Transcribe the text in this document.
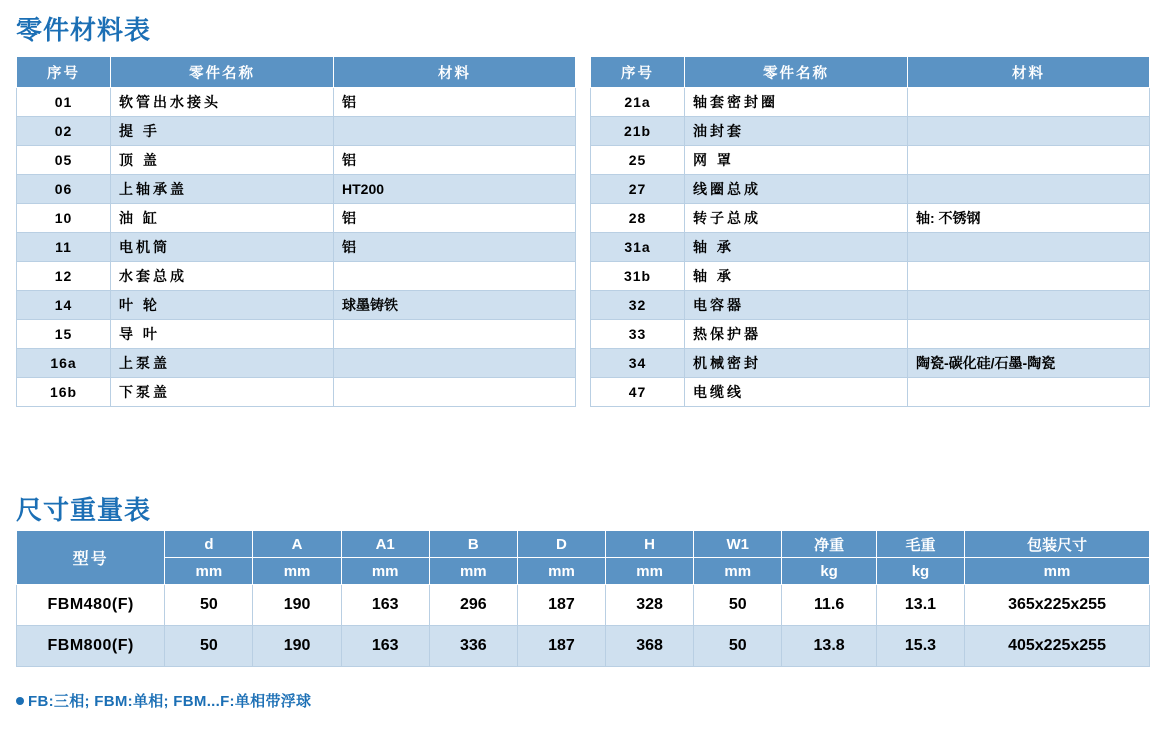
零件材料表
序号	零件名称	材料
01	软管出水接头	铝
02	提 手	
05	顶 盖	铝
06	上轴承盖	HT200
10	油 缸	铝
11	电机筒	铝
12	水套总成	
14	叶 轮	球墨铸铁
15	导 叶	
16a	上泵盖	
16b	下泵盖	
序号	零件名称	材料
21a	轴套密封圈	
21b	油封套	
25	网 罩	
27	线圈总成	
28	转子总成	轴: 不锈钢
31a	轴 承	
31b	轴 承	
32	电容器	
33	热保护器	
34	机械密封	陶瓷-碳化硅/石墨-陶瓷
47	电缆线	
尺寸重量表
型号	d	A	A1	B	D	H	W1	净重	毛重	包装尺寸
	mm	mm	mm	mm	mm	mm	mm	kg	kg	mm
FBM480(F)	50	190	163	296	187	328	50	11.6	13.1	365x225x255
FBM800(F)	50	190	163	336	187	368	50	13.8	15.3	405x225x255
FB:三相; FBM:单相; FBM...F:单相带浮球
